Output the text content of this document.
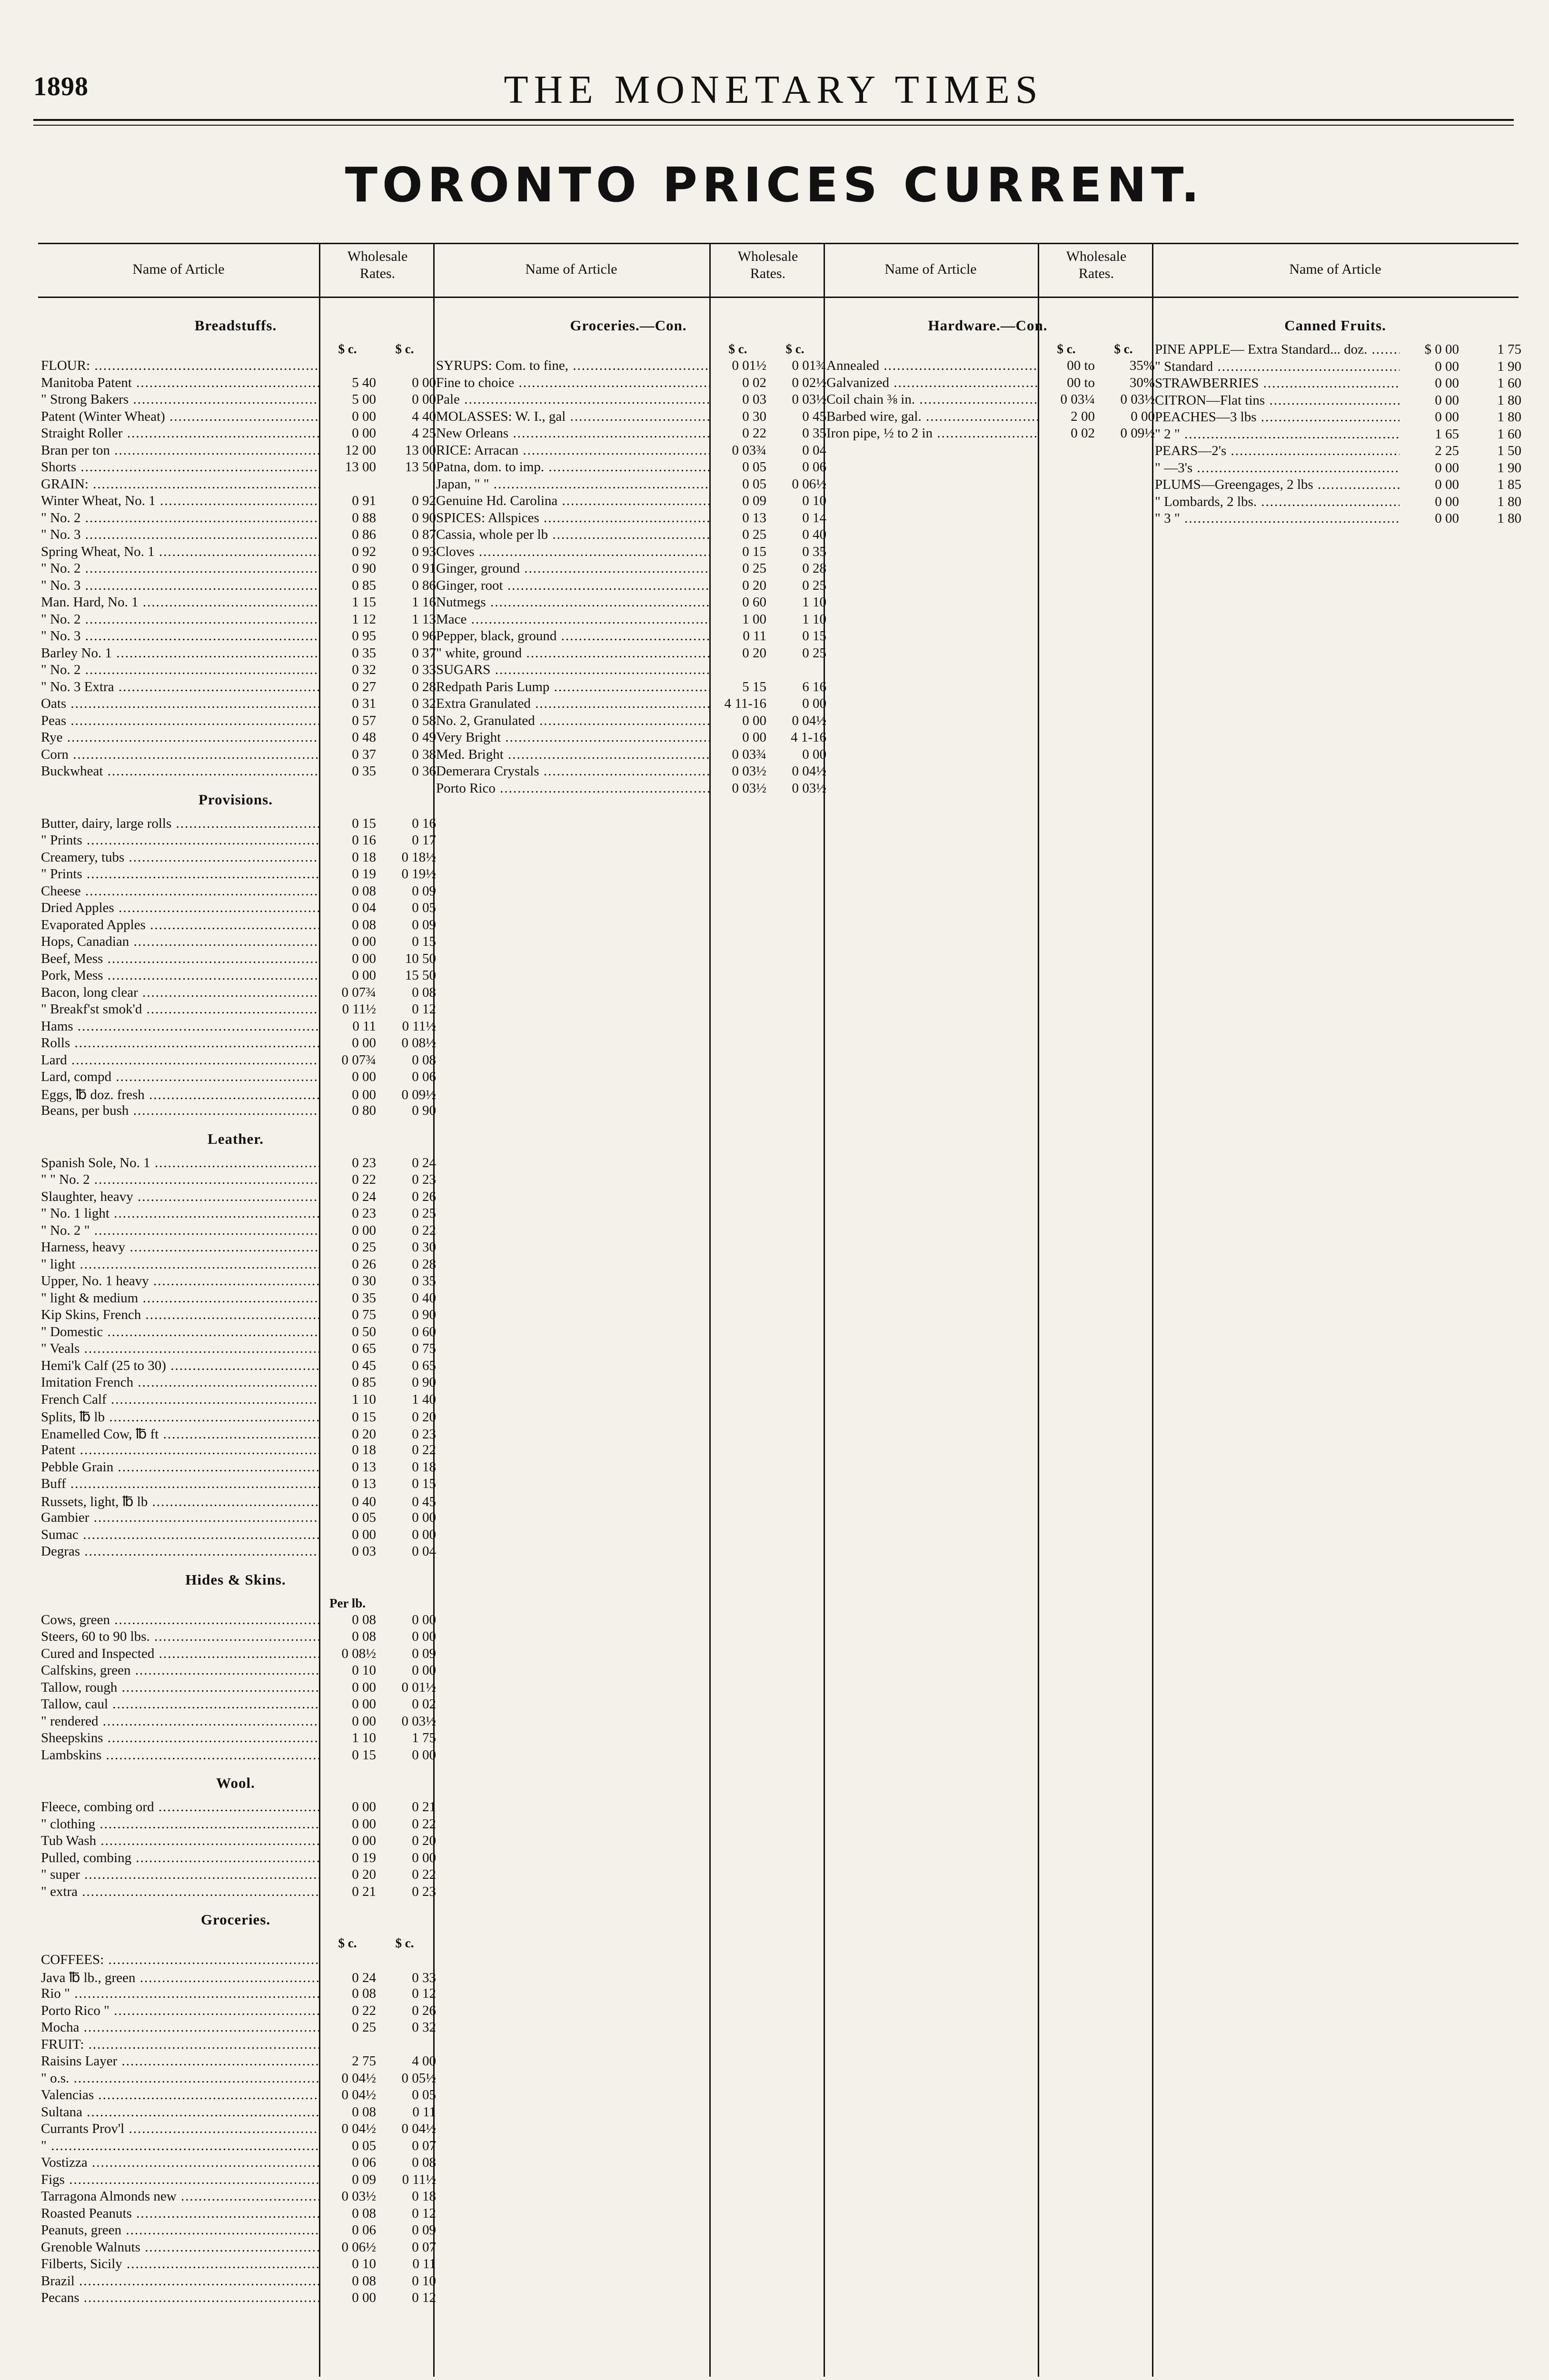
1898	THE MONETARY TIMES
TORONTO PRICES CURRENT.
Name of Article
Wholesale
Rates.
Breadstuffs.
$ c.	$ c.
FLOUR: .....
Manitoba Patent .....	5 40	0 00
" Strong Bakers .....	5 00	0 00
Patent (Winter Wheat) .....	0 00	4 40
Straight Roller .....	0 00	4 25
Bran per ton .....	12 00	13 00
Shorts .....	13 00	13 50
GRAIN: .....
Winter Wheat, No. 1 .....	0 91	0 92
" No. 2 .....	0 88	0 90
" No. 3 .....	0 86	0 87
Spring Wheat, No. 1 .....	0 92	0 93
" No. 2 .....	0 90	0 91
" No. 3 .....	0 85	0 86
Man. Hard, No. 1 .....	1 15	1 16
" No. 2 .....	1 12	1 13
" No. 3 .....	0 95	0 96
Barley No. 1 .....	0 35	0 37
" No. 2 .....	0 32	0 33
" No. 3 Extra .....	0 27	0 28
Oats .....	0 31	0 32
Peas .....	0 57	0 58
Rye .....	0 48	0 49
Corn .....	0 37	0 38
Buckwheat .....	0 35	0 36
Provisions.
Butter, dairy, large rolls .....	0 15	0 16
" Prints .....	0 16	0 17
Creamery, tubs .....	0 18	0 18½
" Prints .....	0 19	0 19½
Cheese .....	0 08	0 09
Dried Apples .....	0 04	0 05
Evaporated Apples .....	0 08	0 09
Hops, Canadian .....	0 00	0 15
Beef, Mess .....	0 00	10 50
Pork, Mess .....	0 00	15 50
Bacon, long clear .....	0 07¾	0 08
" Breakf'st smok'd .....	0 11½	0 12
Hams .....	0 11	0 11½
Rolls .....	0 00	0 08½
Lard .....	0 07¾	0 08
Lard, compd .....	0 00	0 06
Eggs, ℔ doz. fresh .....	0 00	0 09½
Beans, per bush .....	0 80	0 90
Leather.
Spanish Sole, No. 1 .....	0 23	0 24
" " No. 2 .....	0 22	0 23
Slaughter, heavy .....	0 24	0 26
" No. 1 light .....	0 23	0 25
" No. 2 " .....	0 00	0 22
Harness, heavy .....	0 25	0 30
" light .....	0 26	0 28
Upper, No. 1 heavy .....	0 30	0 35
" light & medium .....	0 35	0 40
Kip Skins, French .....	0 75	0 90
" Domestic .....	0 50	0 60
" Veals .....	0 65	0 75
Hemi'k Calf (25 to 30) .....	0 45	0 65
Imitation French .....	0 85	0 90
French Calf .....	1 10	1 40
Splits, ℔ lb .....	0 15	0 20
Enamelled Cow, ℔ ft .....	0 20	0 23
Patent .....	0 18	0 22
Pebble Grain .....	0 13	0 18
Buff .....	0 13	0 15
Russets, light, ℔ lb .....	0 40	0 45
Gambier .....	0 05	0 00
Sumac .....	0 00	0 00
Degras .....	0 03	0 04
Hides & Skins.
Per lb.
Cows, green .....	0 08	0 00
Steers, 60 to 90 lbs. .....	0 08	0 00
Cured and Inspected .....	0 08½	0 09
Calfskins, green .....	0 10	0 00
Tallow, rough .....	0 00	0 01½
Tallow, caul .....	0 00	0 02
" rendered .....	0 00	0 03½
Sheepskins .....	1 10	1 75
Lambskins .....	0 15	0 00
Wool.
Fleece, combing ord .....	0 00	0 21
" clothing .....	0 00	0 22
Tub Wash .....	0 00	0 20
Pulled, combing .....	0 19	0 00
" super .....	0 20	0 22
" extra .....	0 21	0 23
Groceries.
$ c.	$ c.
COFFEES: .....
Java ℔ lb., green .....	0 24	0 33
Rio " .....	0 08	0 12
Porto Rico " .....	0 22	0 26
Mocha .....	0 25	0 32
FRUIT: .....
Raisins Layer .....	2 75	4 00
" o.s. .....	0 04½	0 05½
Valencias .....	0 04½	0 05
Sultana .....	0 08	0 11
Currants Prov'l .....	0 04½	0 04½
" .....	0 05	0 07
Vostizza .....	0 06	0 08
Figs .....	0 09	0 11½
Tarragona Almonds new .....	0 03½	0 18
Roasted Peanuts .....	0 08	0 12
Peanuts, green .....	0 06	0 09
Grenoble Walnuts .....	0 06½	0 07
Filberts, Sicily .....	0 10	0 11
Brazil .....	0 08	0 10
Pecans .....	0 00	0 12
Name of Article
Wholesale
Rates.
Groceries.—Con.
$ c.	$ c.
SYRUPS: Com. to fine, .....	0 01½	0 01¾
Fine to choice .....	0 02	0 02½
Pale .....	0 03	0 03½
MOLASSES: W. I., gal .....	0 30	0 45
New Orleans .....	0 22	0 35
RICE: Arracan .....	0 03¾	0 04
Patna, dom. to imp. .....	0 05	0 06
Japan, " " .....	0 05	0 06½
Genuine Hd. Carolina .....	0 09	0 10
SPICES: Allspices .....	0 13	0 14
Cassia, whole per lb .....	0 25	0 40
Cloves .....	0 15	0 35
Ginger, ground .....	0 25	0 28
Ginger, root .....	0 20	0 25
Nutmegs .....	0 60	1 10
Mace .....	1 00	1 10
Pepper, black, ground .....	0 11	0 15
" white, ground .....	0 20	0 25
SUGARS .....
Redpath Paris Lump .....	5 15	6 16
Extra Granulated .....	4 11-16	0 00
No. 2, Granulated .....	0 00	0 04½
Very Bright .....	0 00	4 1-16
Med. Bright .....	0 03¾	0 00
Demerara Crystals .....	0 03½	0 04½
Porto Rico .....	0 03½	0 03½
Name of Article
Wholesale
Rates.
Hardware.—Con.
$ c.	$ c.
Annealed .....	00 to	35%
Galvanized .....	00 to	30%
Coil chain ⅜ in. .....	0 03¼	0 03½
Barbed wire, gal. .....	2 00	0 00
Iron pipe, ½ to 2 in .....	0 02	0 09½
Name of Article
Canned Fruits.
PINE APPLE— Extra Standard... doz. .....	$ 0 00	1 75
" Standard .....	0 00	1 90
STRAWBERRIES .....	0 00	1 60
CITRON—Flat tins .....	0 00	1 80
PEACHES—3 lbs .....	0 00	1 80
" 2 " .....	1 65	1 60
PEARS—2's .....	2 25	1 50
" —3's .....	0 00	1 90
PLUMS—Greengages, 2 lbs .....	0 00	1 85
" Lombards, 2 lbs. .....	0 00	1 80
" 3 " .....	0 00	1 80
